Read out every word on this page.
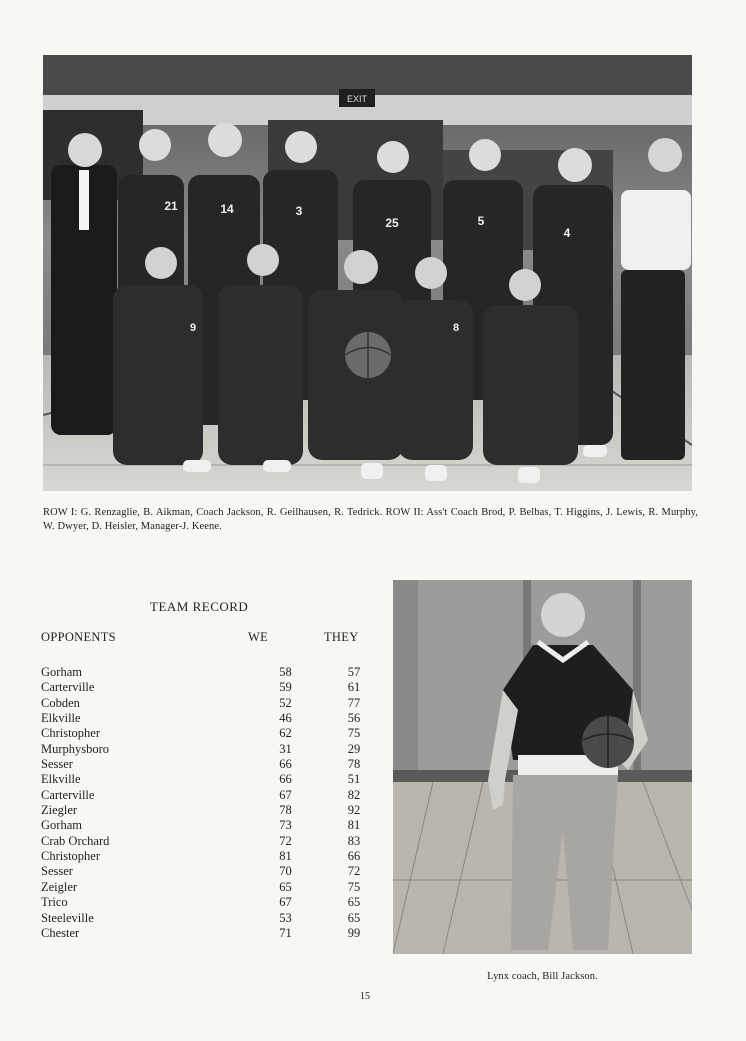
EXIT
21	14	3
25	5
4
9	8
ROW I: G. Renzaglie, B. Aikman, Coach Jackson, R. Geilhausen, R. Tedrick. ROW II: Ass't Coach Brod, P. Belbas, T. Higgins, J. Lewis, R. Murphy, W. Dwyer, D. Heisler, Manager-J. Keene.
TEAM RECORD
OPPONENTS	WE	THEY
Gorham	58	57
Carterville	59	61
Cobden	52	77
Elkville	46	56
Christopher	62	75
Murphysboro	31	29
Sesser	66	78
Elkville	66	51
Carterville	67	82
Ziegler	78	92
Gorham	73	81
Crab Orchard	72	83
Christopher	81	66
Sesser	70	72
Zeigler	65	75
Trico	67	65
Steeleville	53	65
Chester	71	99
Lynx coach, Bill Jackson.
15
